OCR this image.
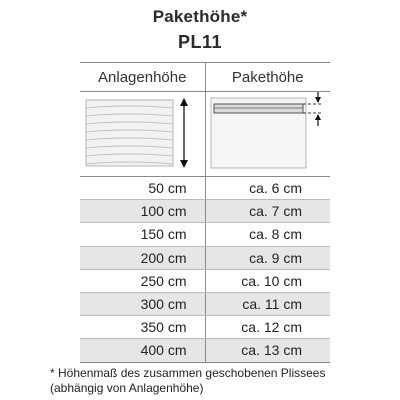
Pakethöhe*
PL11
Anlagenhöhe	Pakethöhe

50 cm	ca. 6 cm
100 cm	ca. 7 cm
150 cm	ca. 8 cm
200 cm	ca. 9 cm
250 cm	ca. 10 cm
300 cm	ca. 11 cm
350 cm	ca. 12 cm
400 cm	ca. 13 cm
* Höhenmaß des zusammen geschobenen Plissees
(abhängig von Anlagenhöhe)
